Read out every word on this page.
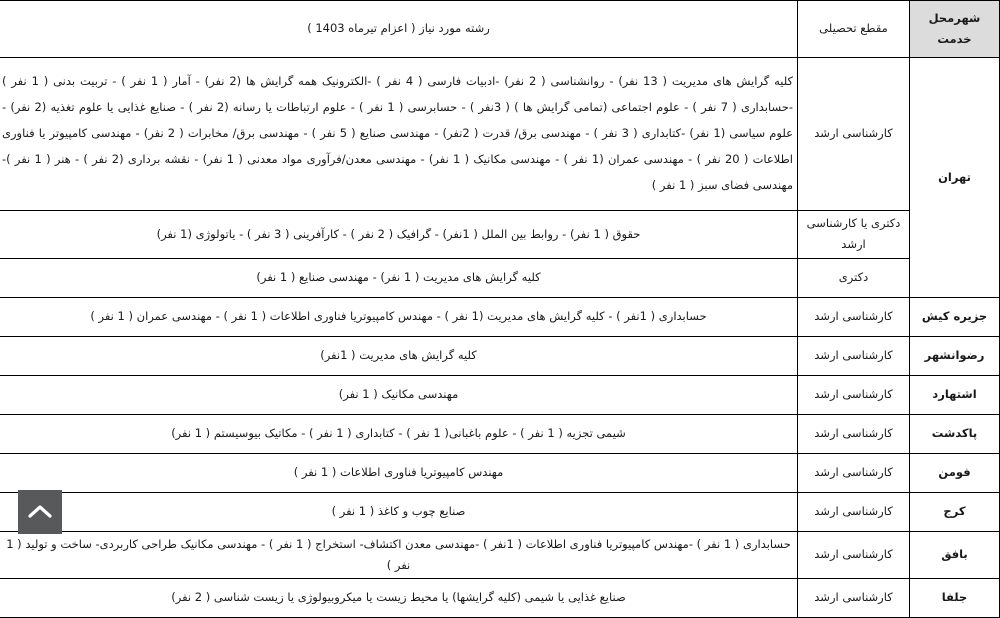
شهرمحل
خدمت	مقطع تحصیلی	رشته مورد نیاز ( اعزام تیرماه 1403 )
تهران	کارشناسی ارشد	کلیه گرایش های مدیریت ( 13 نفر) - روانشناسی ( 2 نفر) -ادبیات فارسی ( 4 نفر ) -الکترونیک همه گرایش ها (2 نفر) - آمار ( 1 نفر ) - تربیت بدنی ( 1 نفر ) -حسابداری ( 7 نفر ) - علوم اجتماعی (تمامی گرایش ها ) ( 3نفر ) - حسابرسی ( 1 نفر ) - علوم ارتباطات یا رسانه (2 نفر ) - صنایع غذایی یا علوم تغذیه (2 نفر) - علوم سیاسی (1 نفر) -کتابداری ( 3 نفر ) - مهندسی برق/ قدرت ( 2نفر) - مهندسی صنایع ( 5 نفر ) - مهندسی برق/ مخابرات ( 2 نفر) - مهندسی کامپیوتر یا فناوری اطلاعات ( 20 نفر ) - مهندسی عمران (1 نفر ) - مهندسی مکانیک ( 1 نفر) - مهندسی معدن/فرآوری مواد معدنی ( 1 نفر) - نقشه برداری (2 نفر ) - هنر ( 1 نفر )- مهندسی فضای سبز ( 1 نفر )
	دکتری یا کارشناسی ارشد	حقوق ( 1 نفر) - روابط بین الملل ( 1نفر) - گرافیک ( 2 نفر ) - کارآفرینی ( 3 نفر ) - یاتولوژی (1 نفر)
	دکتری	کلیه گرایش های مدیریت ( 1 نفر) - مهندسی صنایع ( 1 نفر)
جزیره کیش	کارشناسی ارشد	حسابداری ( 1نفر ) - کلیه گرایش های مدیریت (1 نفر ) - مهندس کامپیوتریا فناوری اطلاعات ( 1 نفر ) - مهندسی عمران ( 1 نفر )
رضوانشهر	کارشناسی ارشد	کلیه گرایش های مدیریت ( 1نفر)
اشتهارد	کارشناسی ارشد	مهندسی مکانیک ( 1 نفر)
پاکدشت	کارشناسی ارشد	شیمی تجزیه ( 1 نفر ) - علوم باغبانی( 1 نفر ) - کتابداری ( 1 نفر ) - مکاتیک بیوسیستم ( 1 نفر)
فومن	کارشناسی ارشد	مهندس کامپیوتریا فناوری اطلاعات ( 1 نفر )
کرج	کارشناسی ارشد	صنایع چوب و کاغذ ( 1 نفر )
بافق	کارشناسی ارشد	حسابداری ( 1 نفر ) -مهندس کامپیوتریا فناوری اطلاعات ( 1نفر ) -مهندسی معدن اکتشاف- استخراج ( 1 نفر ) - مهندسی مکانیک طراحی کاربردی- ساخت و تولید ( 1 نفر )
جلفا	کارشناسی ارشد	صنایع غذایی یا شیمی (کلیه گرایشها) یا محیط زیست یا میکروبیولوژی یا زیست شناسی ( 2 نفر)
